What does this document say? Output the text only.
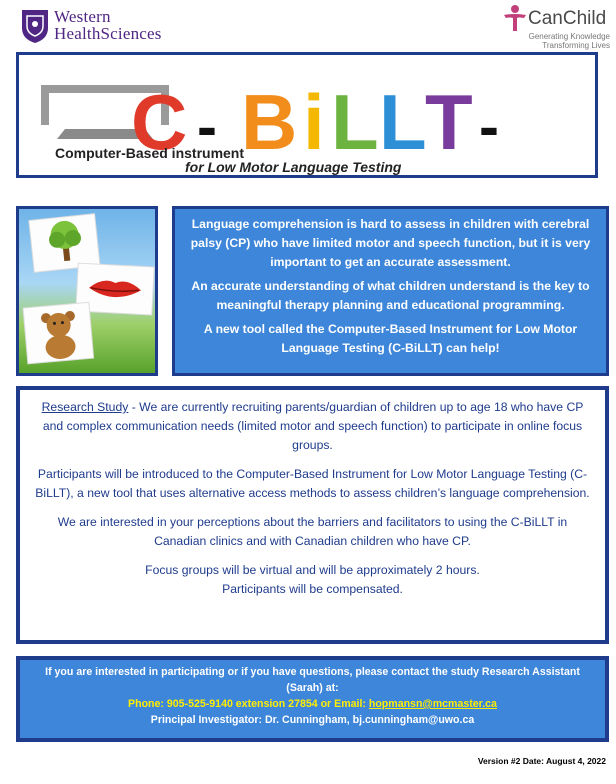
Western
HealthSciences
CanChild
Generating Knowledge
Transforming Lives
C - B i L L
T -
Computer-Based instrument
for Low Motor Language Testing

Language comprehension is hard to assess in children with cerebral palsy (CP) who have limited motor and speech function, but it is very important to get an accurate assessment.

An accurate understanding of what children understand is the key to meaningful therapy planning and educational programming.

A new tool called the Computer-Based Instrument for Low Motor Language Testing (C-BiLLT) can help!

Research Study - We are currently recruiting parents/guardian of children up to age 18 who have CP and complex communication needs (limited motor and speech function) to participate in online focus groups.

Participants will be introduced to the Computer-Based Instrument for Low Motor Language Testing (C-BiLLT), a new tool that uses alternative access methods to assess children’s language comprehension.

We are interested in your perceptions about the barriers and facilitators to using the C-BiLLT in Canadian clinics and with Canadian children who have CP.

Focus groups will be virtual and will be approximately 2 hours.
Participants will be compensated.

If you are interested in participating or if you have questions, please contact the study Research Assistant (Sarah) at:

Phone: 905-525-9140 extension 27854 or Email: hopmansn@mcmaster.ca

Principal Investigator: Dr. Cunningham, bj.cunningham@uwo.ca

Version #2 Date: August 4, 2022
